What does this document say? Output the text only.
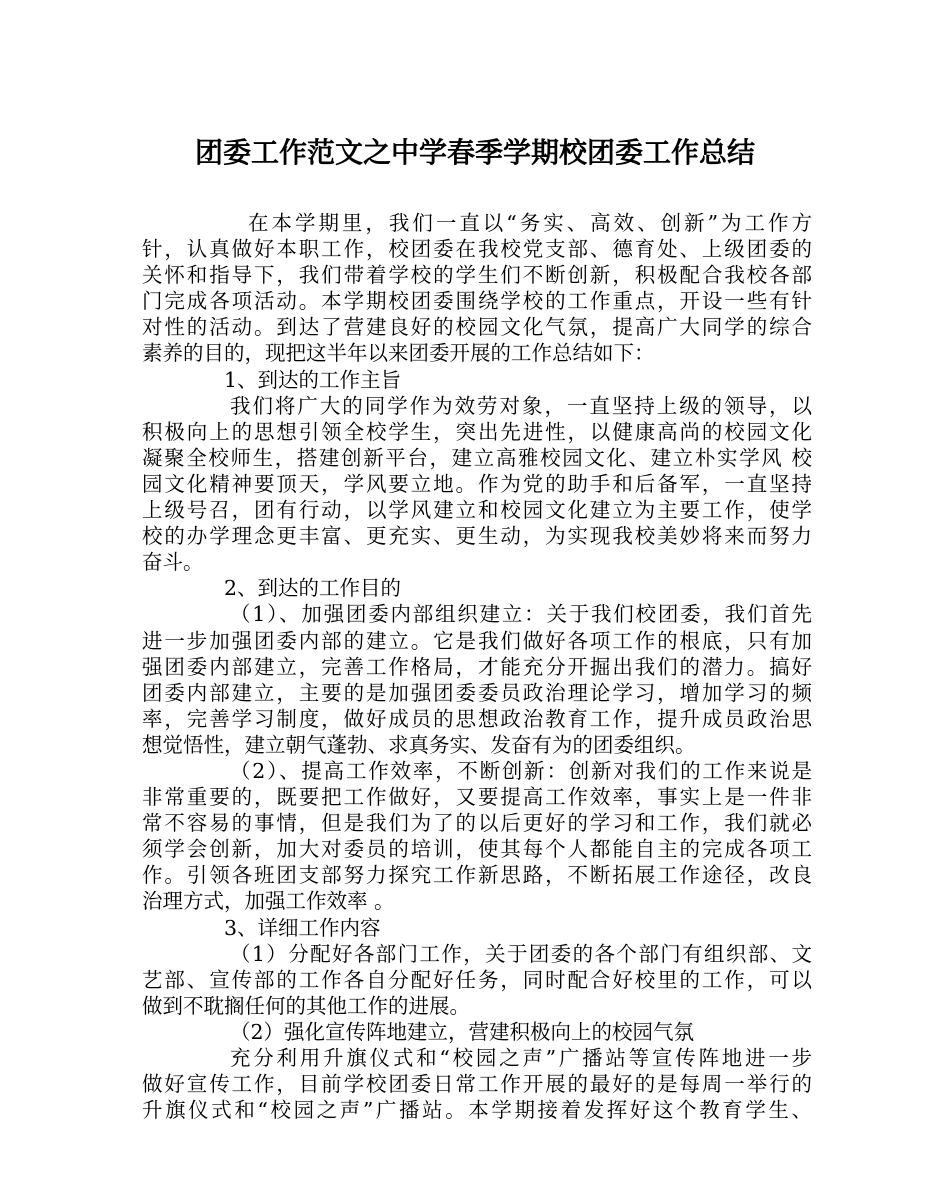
团委工作范文之中学春季学期校团委工作总结
在本学期里，我们一直以“务实、高效、创新”为工作方
针，认真做好本职工作，校团委在我校党支部、德育处、上级团委的
关怀和指导下，我们带着学校的学生们不断创新，积极配合我校各部
门完成各项活动。本学期校团委围绕学校的工作重点，开设一些有针
对性的活动。到达了营建良好的校园文化气氛，提高广大同学的综合
素养的目的，现把这半年以来团委开展的工作总结如下：
1、到达的工作主旨
我们将广大的同学作为效劳对象，一直坚持上级的领导，以
积极向上的思想引领全校学生，突出先进性，以健康高尚的校园文化
凝聚全校师生，搭建创新平台，建立高雅校园文化、建立朴实学风 校
园文化精神要顶天，学风要立地。作为党的助手和后备军，一直坚持
上级号召，团有行动，以学风建立和校园文化建立为主要工作，使学
校的办学理念更丰富、更充实、更生动，为实现我校美妙将来而努力
奋斗。
2、到达的工作目的
（1）、加强团委内部组织建立：关于我们校团委，我们首先
进一步加强团委内部的建立。它是我们做好各项工作的根底，只有加
强团委内部建立，完善工作格局，才能充分开掘出我们的潜力。搞好
团委内部建立，主要的是加强团委委员政治理论学习，增加学习的频
率，完善学习制度，做好成员的思想政治教育工作，提升成员政治思
想觉悟性，建立朝气蓬勃、求真务实、发奋有为的团委组织。
（2）、提高工作效率，不断创新：创新对我们的工作来说是
非常重要的，既要把工作做好，又要提高工作效率，事实上是一件非
常不容易的事情，但是我们为了的以后更好的学习和工作，我们就必
须学会创新，加大对委员的培训，使其每个人都能自主的完成各项工
作。引领各班团支部努力探究工作新思路，不断拓展工作途径，改良
治理方式，加强工作效率 。
3、详细工作内容
（1）分配好各部门工作，关于团委的各个部门有组织部、文
艺部、宣传部的工作各自分配好任务，同时配合好校里的工作，可以
做到不耽搁任何的其他工作的进展。
（2）强化宣传阵地建立，营建积极向上的校园气氛
充分利用升旗仪式和“校园之声”广播站等宣传阵地进一步
做好宣传工作，目前学校团委日常工作开展的最好的是每周一举行的
升旗仪式和“校园之声”广播站。本学期接着发挥好这个教育学生、
